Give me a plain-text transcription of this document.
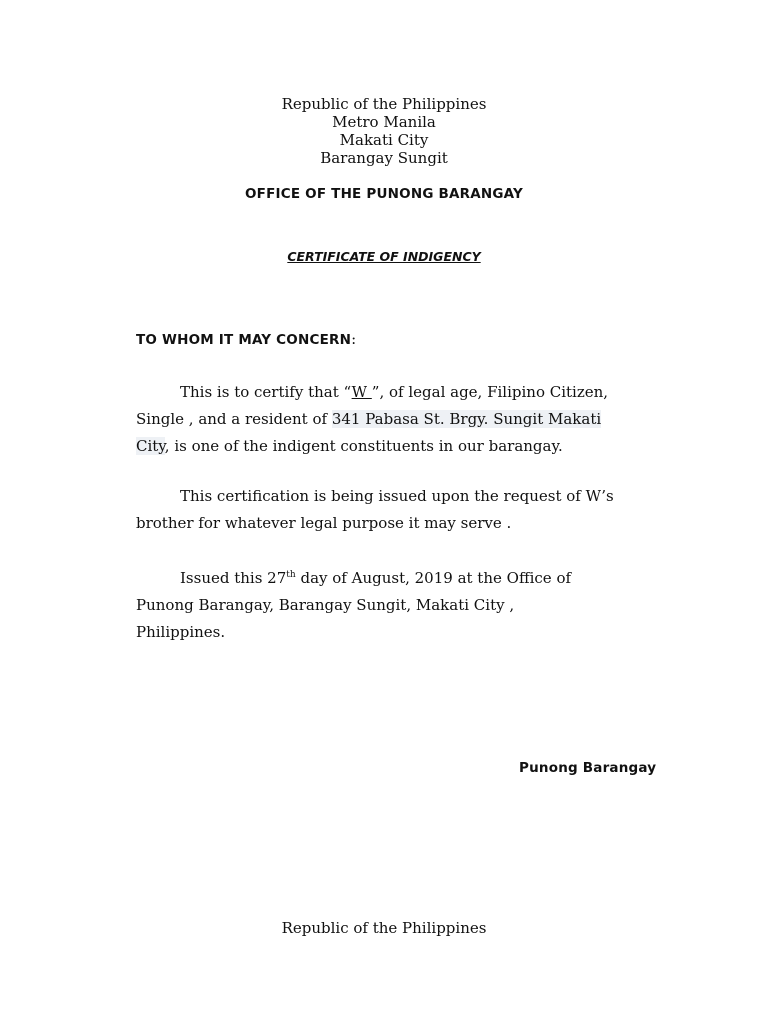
Republic of the Philippines
Metro Manila
Makati City
Barangay Sungit
OFFICE OF THE PUNONG BARANGAY
CERTIFICATE OF INDIGENCY
TO WHOM IT MAY CONCERN:
This is to certify that “W ”, of legal age, Filipino Citizen,
Single , and a resident of 341 Pabasa St. Brgy. Sungit Makati
City, is one of the indigent constituents in our barangay.
This certification is being issued upon the request of W’s
brother for whatever legal purpose it may serve .
Issued this 27th day of August, 2019 at the Office of
Punong Barangay, Barangay Sungit, Makati City ,
Philippines.
Punong Barangay
Republic of the Philippines
